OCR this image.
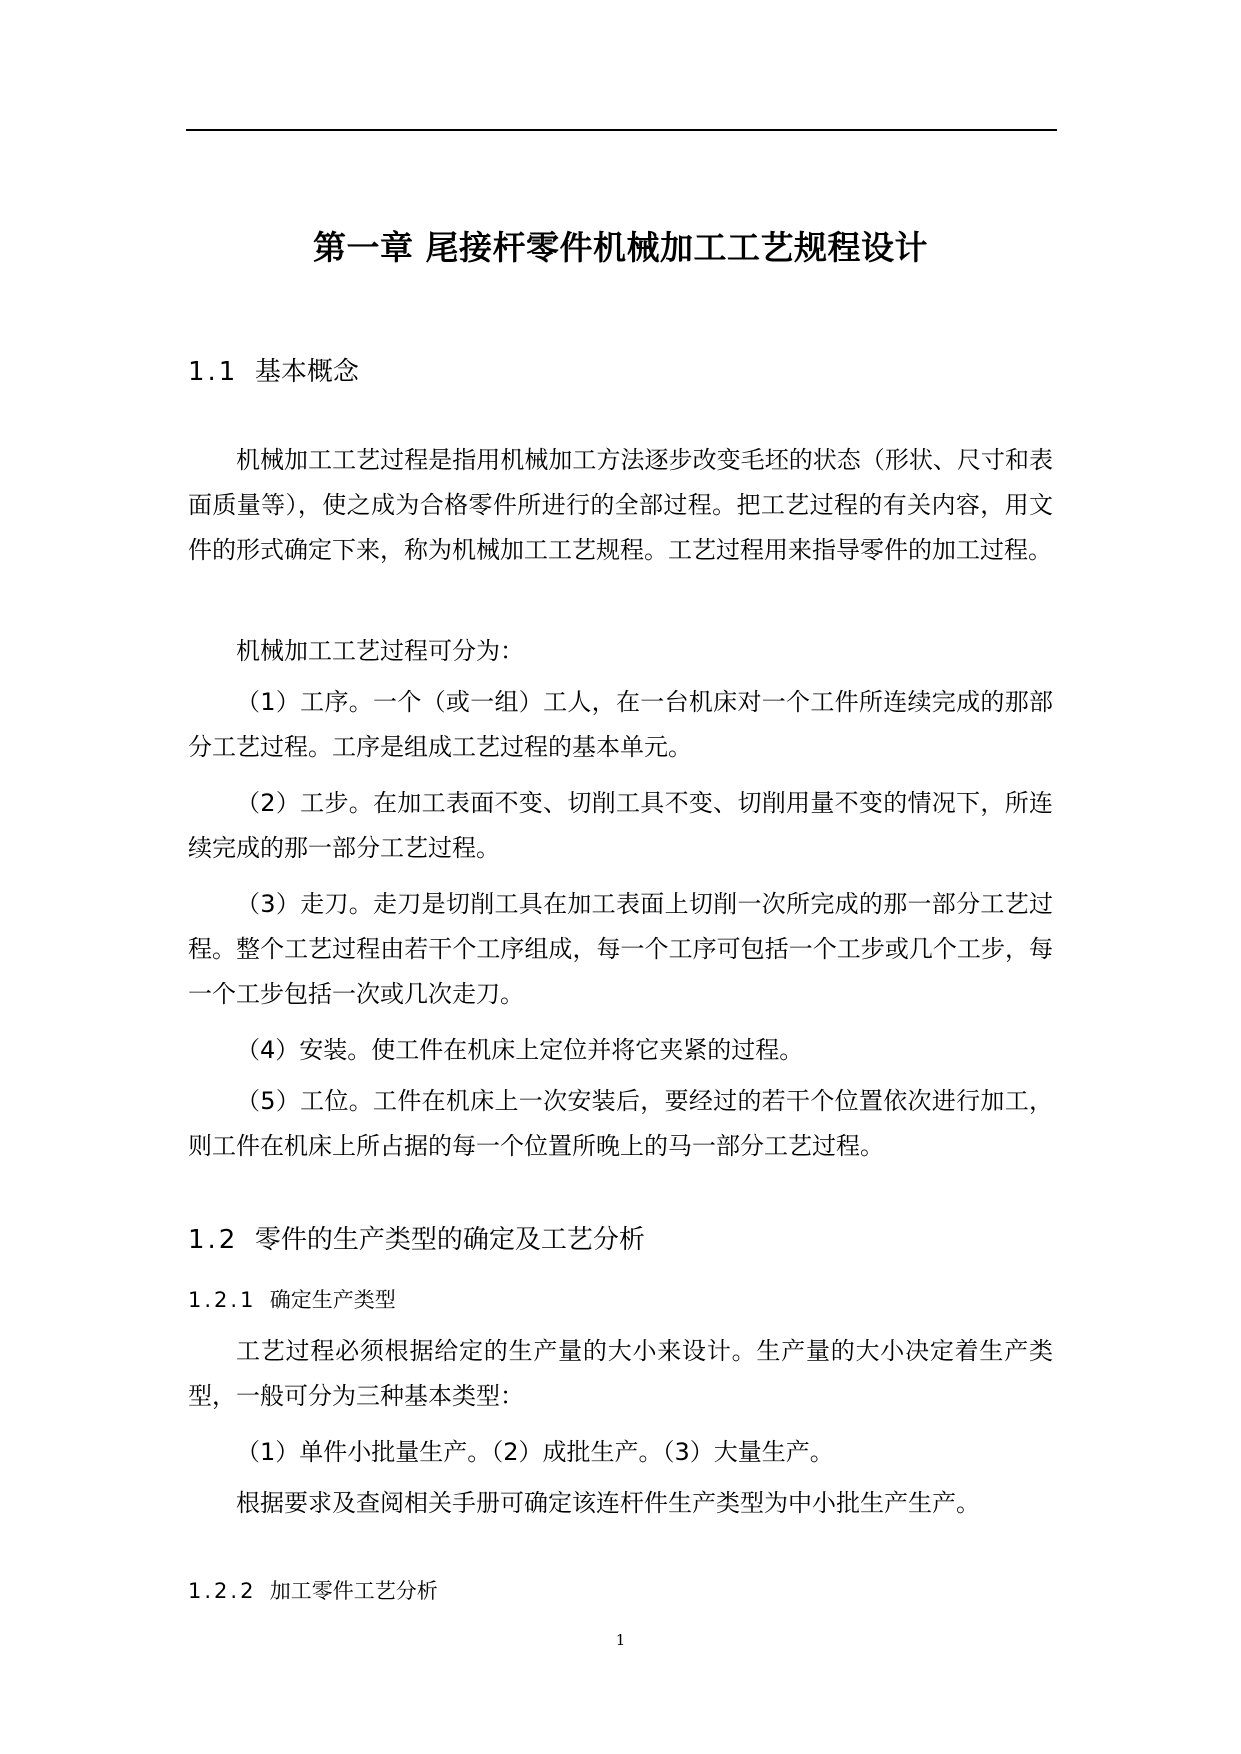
第一章 尾接杆零件机械加工工艺规程设计
1.1 基本概念
机械加工工艺过程是指用机械加工方法逐步改变毛坯的状态（形状、尺寸和表面质量等），使之成为合格零件所进行的全部过程。把工艺过程的有关内容，用文件的形式确定下来，称为机械加工工艺规程。工艺过程用来指导零件的加工过程。
机械加工工艺过程可分为：
（1）工序。一个（或一组）工人，在一台机床对一个工件所连续完成的那部分工艺过程。工序是组成工艺过程的基本单元。
（2）工步。在加工表面不变、切削工具不变、切削用量不变的情况下，所连续完成的那一部分工艺过程。
（3）走刀。走刀是切削工具在加工表面上切削一次所完成的那一部分工艺过程。整个工艺过程由若干个工序组成，每一个工序可包括一个工步或几个工步，每一个工步包括一次或几次走刀。
（4）安装。使工件在机床上定位并将它夹紧的过程。
（5）工位。工件在机床上一次安装后，要经过的若干个位置依次进行加工，则工件在机床上所占据的每一个位置所晚上的马一部分工艺过程。
1.2 零件的生产类型的确定及工艺分析
1.2.1 确定生产类型
工艺过程必须根据给定的生产量的大小来设计。生产量的大小决定着生产类型，一般可分为三种基本类型：
（1）单件小批量生产。（2）成批生产。（3）大量生产。
根据要求及查阅相关手册可确定该连杆件生产类型为中小批生产生产。
1.2.2 加工零件工艺分析
1
